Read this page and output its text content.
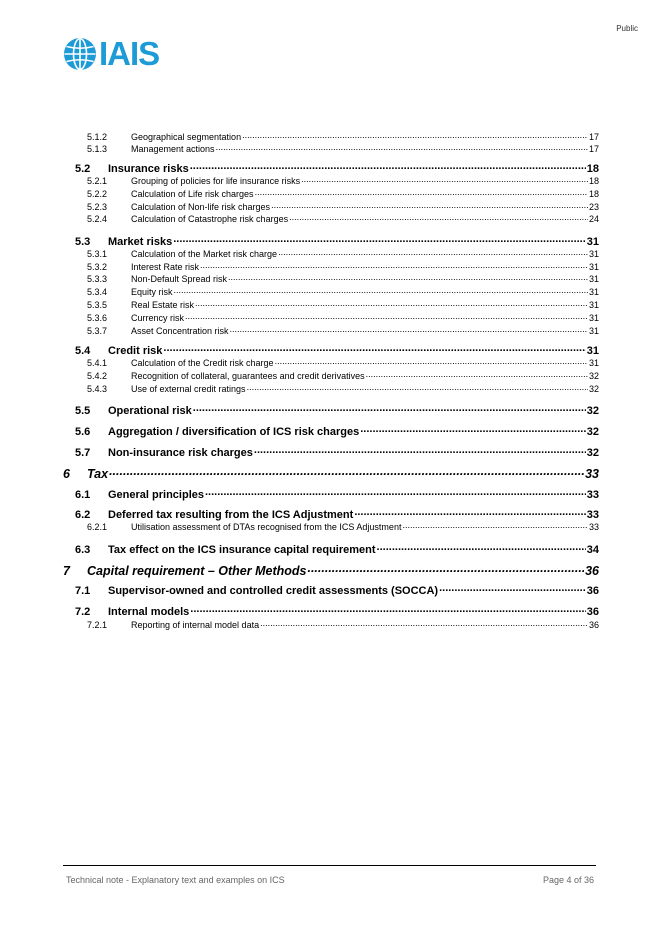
Public
IAIS
5.1.2	Geographical segmentation .....	17
5.1.3	Management actions .....	17
5.2	Insurance risks .....	18
5.2.1	Grouping of policies for life insurance risks .....	18
5.2.2	Calculation of Life risk charges .....	18
5.2.3	Calculation of Non-life risk charges .....	23
5.2.4	Calculation of Catastrophe risk charges .....	24
5.3	Market risks .....	31
5.3.1	Calculation of the Market risk charge .....	31
5.3.2	Interest Rate risk .....	31
5.3.3	Non-Default Spread risk .....	31
5.3.4	Equity risk .....	31
5.3.5	Real Estate risk .....	31
5.3.6	Currency risk .....	31
5.3.7	Asset Concentration risk .....	31
5.4	Credit risk .....	31
5.4.1	Calculation of the Credit risk charge .....	31
5.4.2	Recognition of collateral, guarantees and credit derivatives .....	32
5.4.3	Use of external credit ratings .....	32
5.5	Operational risk .....	32
5.6	Aggregation / diversification of ICS risk charges .....	32
5.7	Non-insurance risk charges .....	32
6	Tax .....	33
6.1	General principles .....	33
6.2	Deferred tax resulting from the ICS Adjustment .....	33
6.2.1	Utilisation assessment of DTAs recognised from the ICS Adjustment .....	33
6.3	Tax effect on the ICS insurance capital requirement .....	34
7	Capital requirement – Other Methods .....	36
7.1	Supervisor-owned and controlled credit assessments (SOCCA) .....	36
7.2	Internal models .....	36
7.2.1	Reporting of internal model data .....	36
Technical note - Explanatory text and examples on ICS	Page 4 of 36
